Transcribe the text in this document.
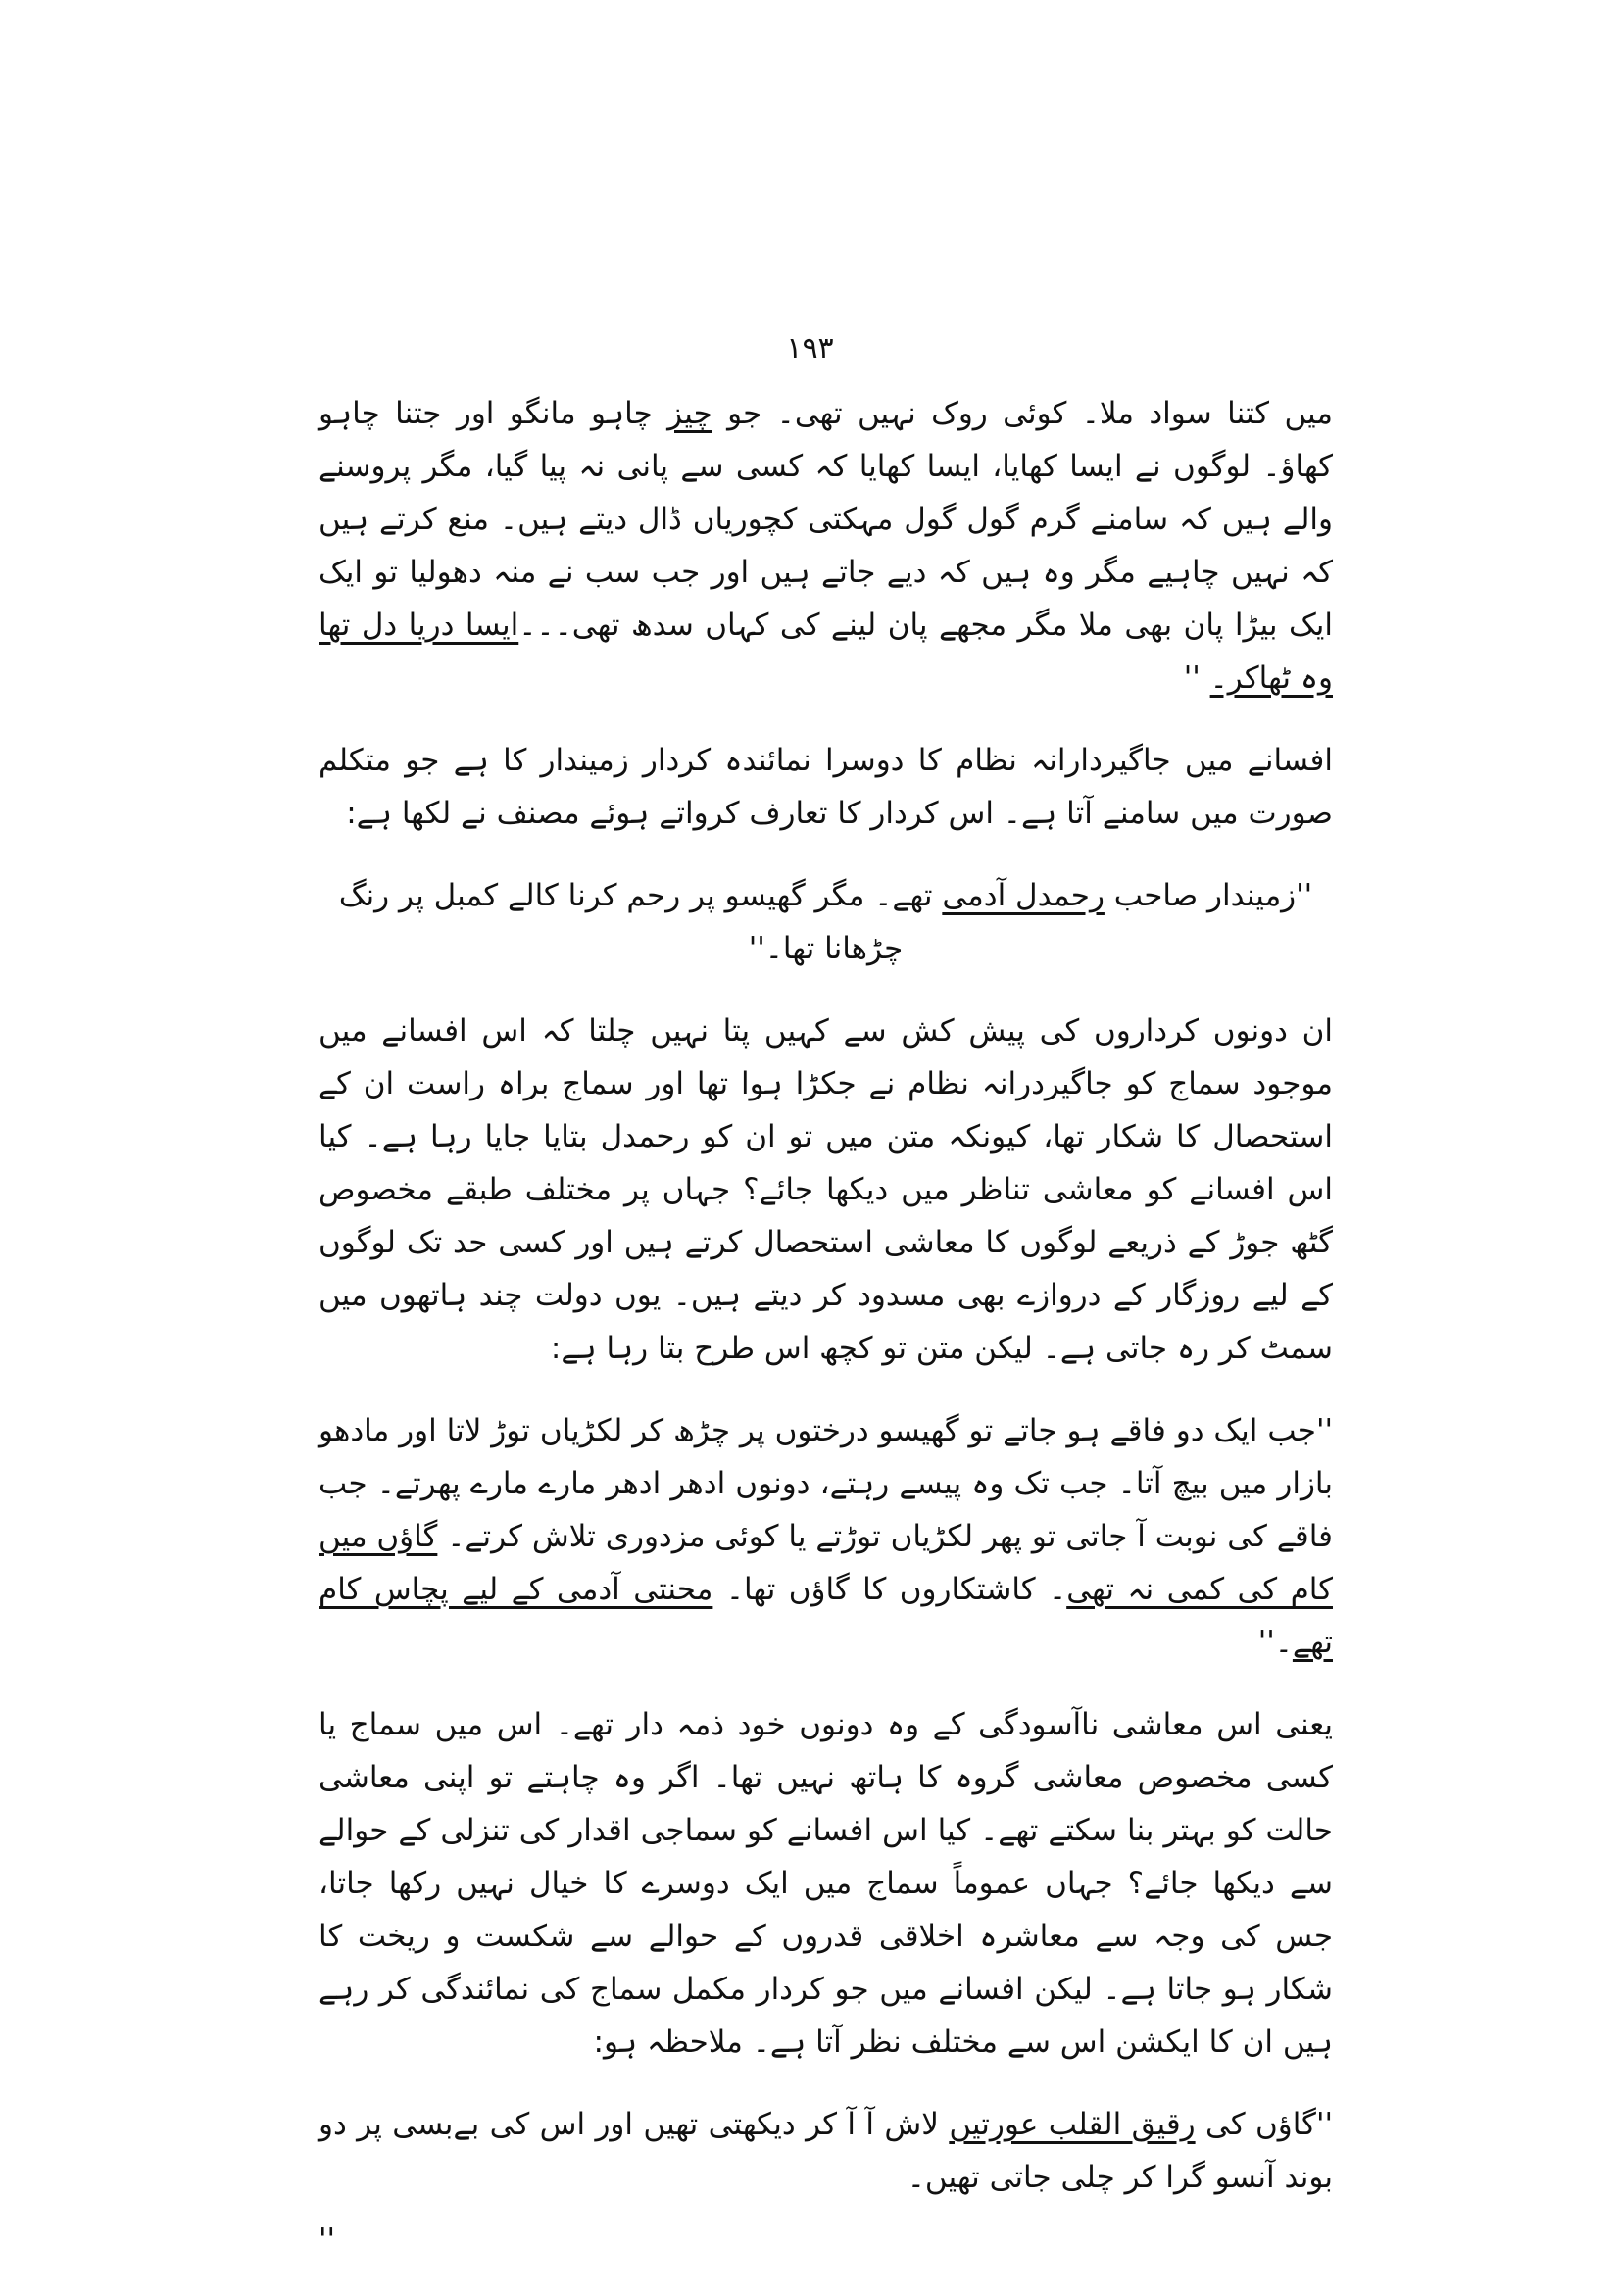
۱۹۳

میں کتنا سواد ملا۔ کوئی روک نہیں تھی۔ جو چیز چاہو مانگو اور جتنا چاہو کھاؤ۔ لوگوں نے ایسا کھایا، ایسا کھایا کہ کسی سے پانی نہ پیا گیا، مگر پروسنے والے ہیں کہ سامنے گرم گول گول مہکتی کچوریاں ڈال دیتے ہیں۔ منع کرتے ہیں کہ نہیں چاہیے مگر وہ ہیں کہ دیے جاتے ہیں اور جب سب نے منہ دھولیا تو ایک ایک بیڑا پان بھی ملا مگر مجھے پان لینے کی کہاں سدھ تھی۔۔۔ایسا دریا دل تھا وہ ٹھاکر۔ ''

افسانے میں جاگیردارانہ نظام کا دوسرا نمائندہ کردار زمیندار کا ہے جو متکلم صورت میں سامنے آتا ہے۔ اس کردار کا تعارف کرواتے ہوئے مصنف نے لکھا ہے:

''زمیندار صاحب رحمدل آدمی تھے۔ مگر گھیسو پر رحم کرنا کالے کمبل پر رنگ چڑھانا تھا۔''

ان دونوں کرداروں کی پیش کش سے کہیں پتا نہیں چلتا کہ اس افسانے میں موجود سماج کو جاگیردرانہ نظام نے جکڑا ہوا تھا اور سماج براہ راست ان کے استحصال کا شکار تھا، کیونکہ متن میں تو ان کو رحمدل بتایا جایا رہا ہے۔ کیا اس افسانے کو معاشی تناظر میں دیکھا جائے؟ جہاں پر مختلف طبقے مخصوص گٹھ جوڑ کے ذریعے لوگوں کا معاشی استحصال کرتے ہیں اور کسی حد تک لوگوں کے لیے روزگار کے دروازے بھی مسدود کر دیتے ہیں۔ یوں دولت چند ہاتھوں میں سمٹ کر رہ جاتی ہے۔ لیکن متن تو کچھ اس طرح بتا رہا ہے:

''جب ایک دو فاقے ہو جاتے تو گھیسو درختوں پر چڑھ کر لکڑیاں توڑ لاتا اور مادھو بازار میں بیچ آتا۔ جب تک وہ پیسے رہتے، دونوں ادھر ادھر مارے مارے پھرتے۔ جب فاقے کی نوبت آ جاتی تو پھر لکڑیاں توڑتے یا کوئی مزدوری تلاش کرتے۔ گاؤں میں کام کی کمی نہ تھی۔ کاشتکاروں کا گاؤں تھا۔ محنتی آدمی کے لیے پچاس کام تھے۔''

یعنی اس معاشی ناآسودگی کے وہ دونوں خود ذمہ دار تھے۔ اس میں سماج یا کسی مخصوص معاشی گروہ کا ہاتھ نہیں تھا۔ اگر وہ چاہتے تو اپنی معاشی حالت کو بہتر بنا سکتے تھے۔ کیا اس افسانے کو سماجی اقدار کی تنزلی کے حوالے سے دیکھا جائے؟ جہاں عموماً سماج میں ایک دوسرے کا خیال نہیں رکھا جاتا، جس کی وجہ سے معاشرہ اخلاقی قدروں کے حوالے سے شکست و ریخت کا شکار ہو جاتا ہے۔ لیکن افسانے میں جو کردار مکمل سماج کی نمائندگی کر رہے ہیں ان کا ایکشن اس سے مختلف نظر آتا ہے۔ ملاحظہ ہو:

''گاؤں کی رقیق القلب عورتیں لاش آ آ کر دیکھتی تھیں اور اس کی بےبسی پر دو بوند آنسو گرا کر چلی جاتی تھیں۔

''
